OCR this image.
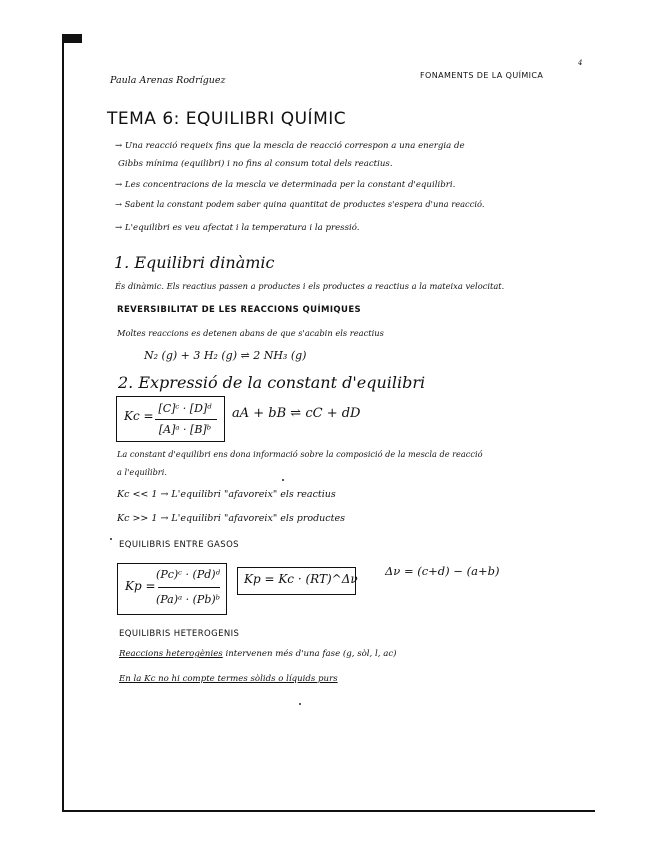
Paula Arenas Rodríguez	FONAMENTS DE LA QUÍMICA
4
TEMA 6: EQUILIBRI QUÍMIC
→ Una reacció requeix fins que la mescla de reacció correspon a una energia de
Gibbs mínima (equilibri) i no fins al consum total dels reactius.
→ Les concentracions de la mescla ve determinada per la constant d'equilibri.
→ Sabent la constant podem saber quina quantitat de productes s'espera d'una reacció.
→ L'equilibri es veu afectat i la temperatura i la pressió.
1. Equilibri dinàmic
És dinàmic. Els reactius passen a productes i els productes a reactius a la mateixa velocitat.
REVERSIBILITAT DE LES REACCIONS QUÍMIQUES
Moltes reaccions es detenen abans de que s'acabin els reactius
N₂ (g) + 3 H₂ (g) ⇌ 2 NH₃ (g)
2. Expressió de la constant d'equilibri
Kc =
[C]ᶜ · [D]ᵈ
[A]ᵃ · [B]ᵇ
aA + bB ⇌ cC + dD
La constant d'equilibri ens dona informació sobre la composició de la mescla de reacció
a l'equilibri.
Kc << 1 → L'equilibri "afavoreix" els reactius
Kc >> 1 → L'equilibri "afavoreix" els productes
EQUILIBRIS ENTRE GASOS
Kp =
(Pc)ᶜ · (Pd)ᵈ
(Pa)ᵃ · (Pb)ᵇ
Kp = Kc · (RT)^Δν
Δν = (c+d) − (a+b)
EQUILIBRIS HETEROGENIS
Reaccions heterogènies intervenen més d'una fase (g, sòl, l, ac)
En la Kc no hi compte termes sòlids o líquids purs
